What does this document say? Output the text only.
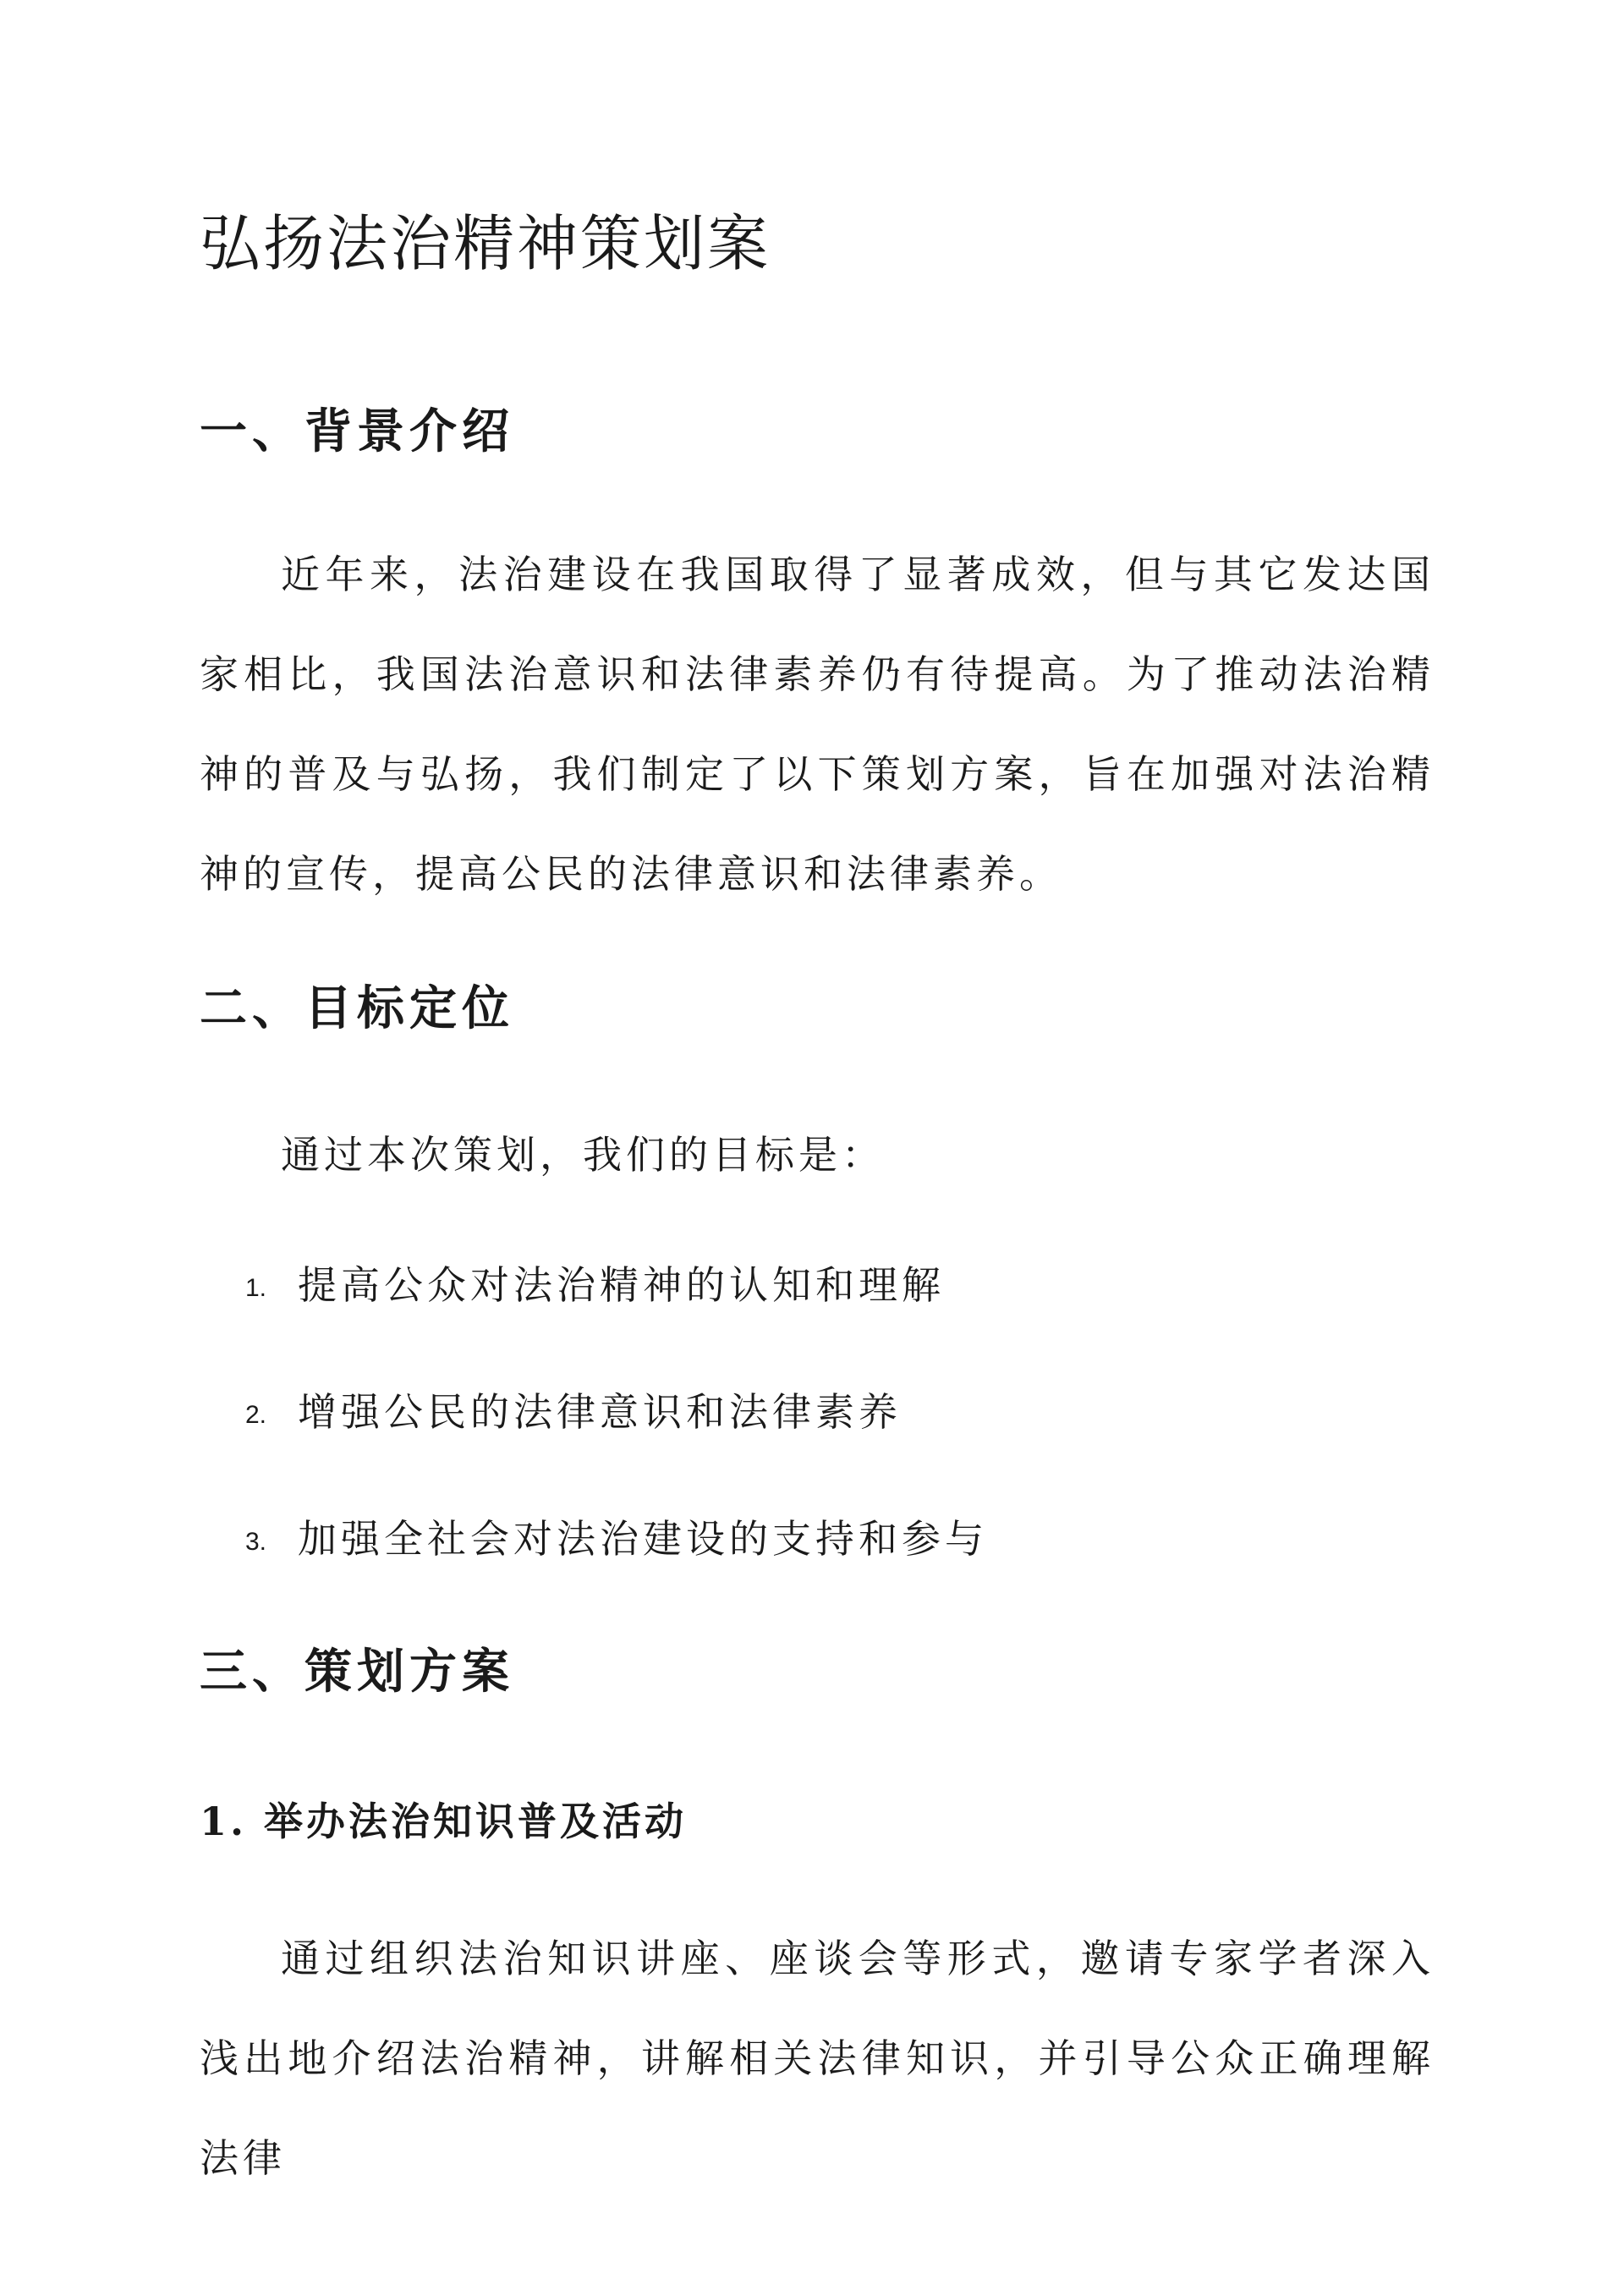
弘扬法治精神策划案
一、背景介绍

近年来，法治建设在我国取得了显著成效，但与其它发达国家相比，我国法治意识和法律素养仍有待提高。为了推动法治精神的普及与弘扬，我们制定了以下策划方案，旨在加强对法治精神的宣传，提高公民的法律意识和法律素养。

二、目标定位

通过本次策划，我们的目标是：

1. 提高公众对法治精神的认知和理解
2. 增强公民的法律意识和法律素养
3. 加强全社会对法治建设的支持和参与
三、策划方案
1. 举办法治知识普及活动

通过组织法治知识讲座、座谈会等形式，邀请专家学者深入浅出地介绍法治精神，讲解相关法律知识，并引导公众正确理解法律
